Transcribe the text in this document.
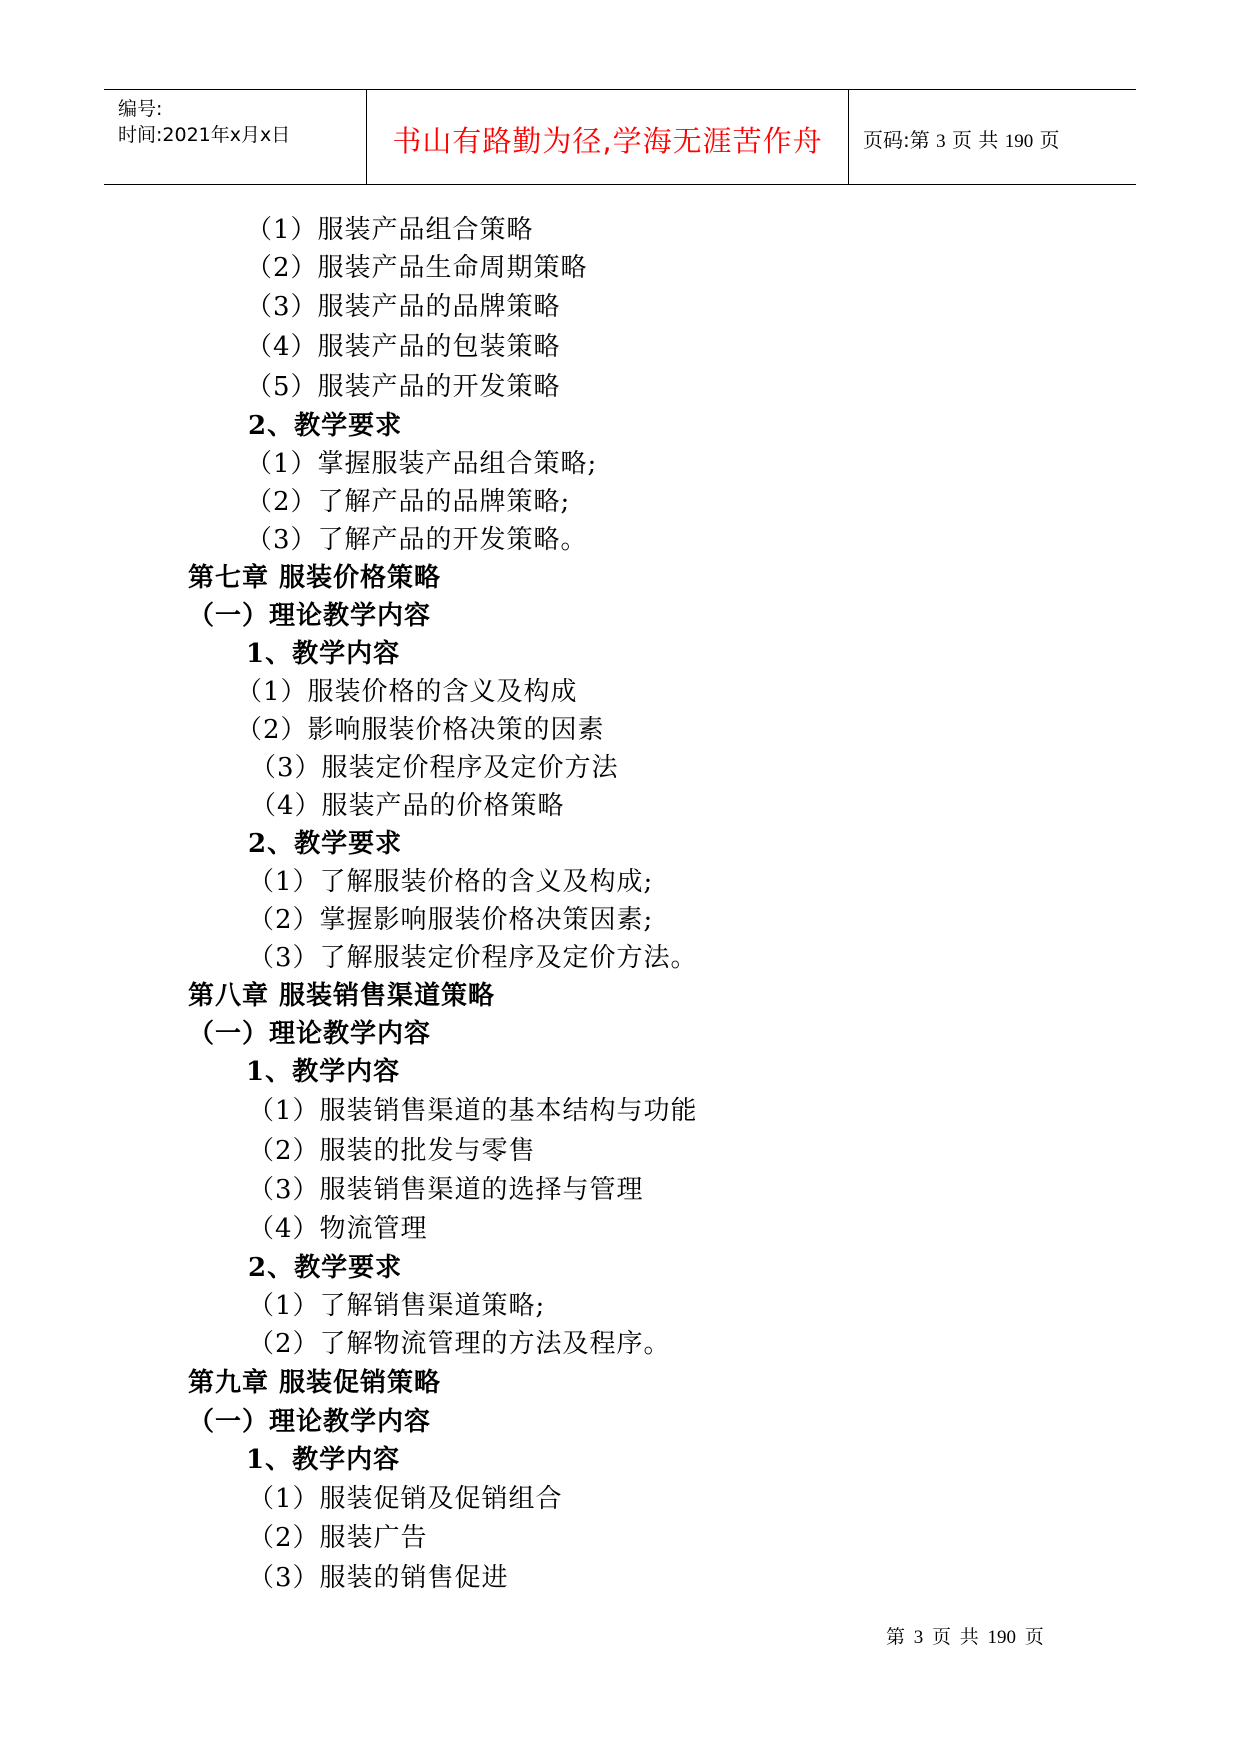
编号:
时间:2021年x月x日	书山有路勤为径,学海无涯苦作舟	页码:第 3 页 共 190 页
（1）服装产品组合策略
（2）服装产品生命周期策略
（3）服装产品的品牌策略
（4）服装产品的包装策略
（5）服装产品的开发策略
2、教学要求
（1）掌握服装产品组合策略;
（2）了解产品的品牌策略;
（3）了解产品的开发策略。
第七章 服装价格策略
（一）理论教学内容
1、教学内容
（1）服装价格的含义及构成
（2）影响服装价格决策的因素
（3）服装定价程序及定价方法
（4）服装产品的价格策略
2、教学要求
（1）了解服装价格的含义及构成;
（2）掌握影响服装价格决策因素;
（3）了解服装定价程序及定价方法。
第八章 服装销售渠道策略
（一）理论教学内容
1、教学内容
（1）服装销售渠道的基本结构与功能
（2）服装的批发与零售
（3）服装销售渠道的选择与管理
（4）物流管理
2、教学要求
（1）了解销售渠道策略;
（2）了解物流管理的方法及程序。
第九章 服装促销策略
（一）理论教学内容
1、教学内容
（1）服装促销及促销组合
（2）服装广告
（3）服装的销售促进
第 3 页 共 190 页
